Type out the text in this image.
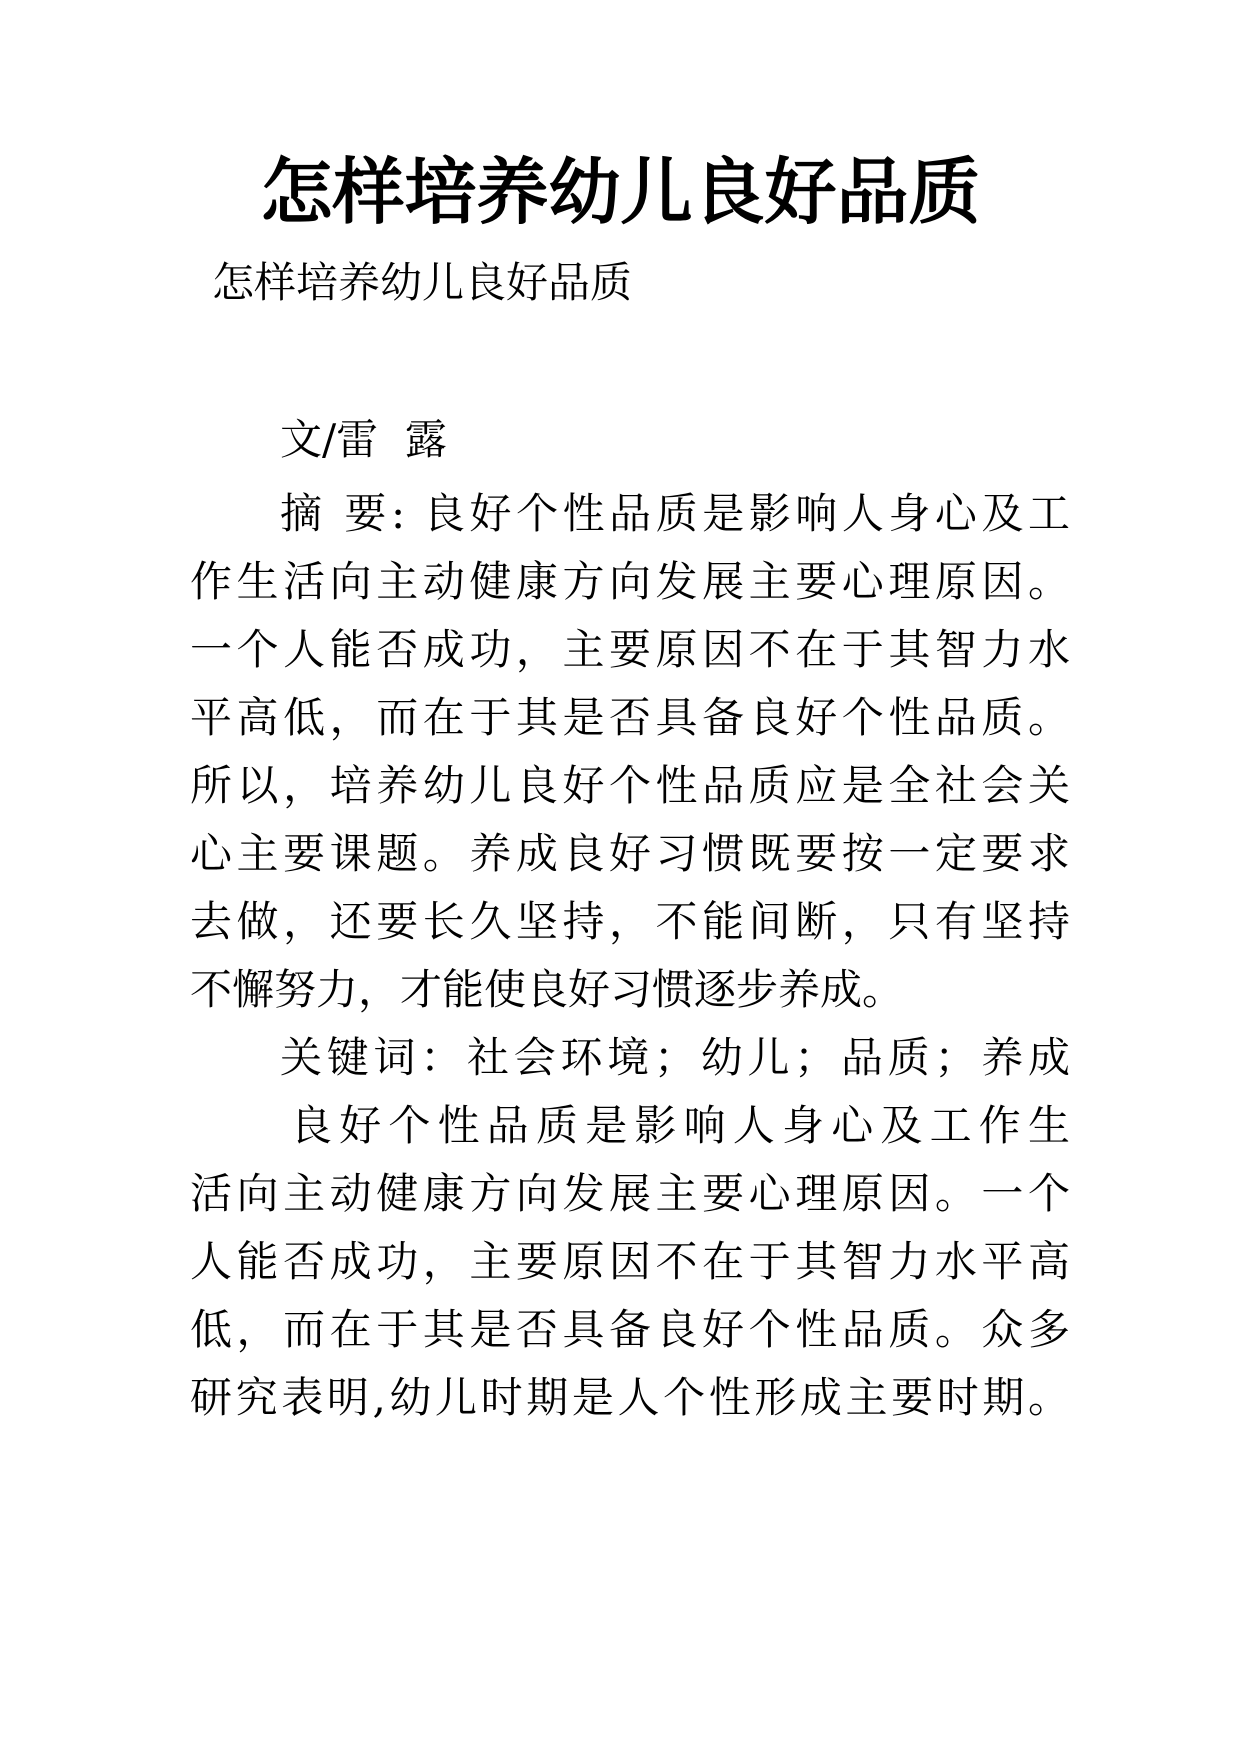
怎样培养幼儿良好品质
怎样培养幼儿良好品质
文/雷  露
摘 要: 良好个性品质是影响人身心及工
作生活向主动健康方向发展主要心理原因。
一个人能否成功，主要原因不在于其智力水
平高低，而在于其是否具备良好个性品质。
所以，培养幼儿良好个性品质应是全社会关
心主要课题。养成良好习惯既要按一定要求
去做，还要长久坚持，不能间断，只有坚持
不懈努力，才能使良好习惯逐步养成。
关键词：社会环境；幼儿；品质；养成
良好个性品质是影响人身心及工作生
活向主动健康方向发展主要心理原因。一个
人能否成功，主要原因不在于其智力水平高
低，而在于其是否具备良好个性品质。众多
研究表明,幼儿时期是人个性形成主要时期。
